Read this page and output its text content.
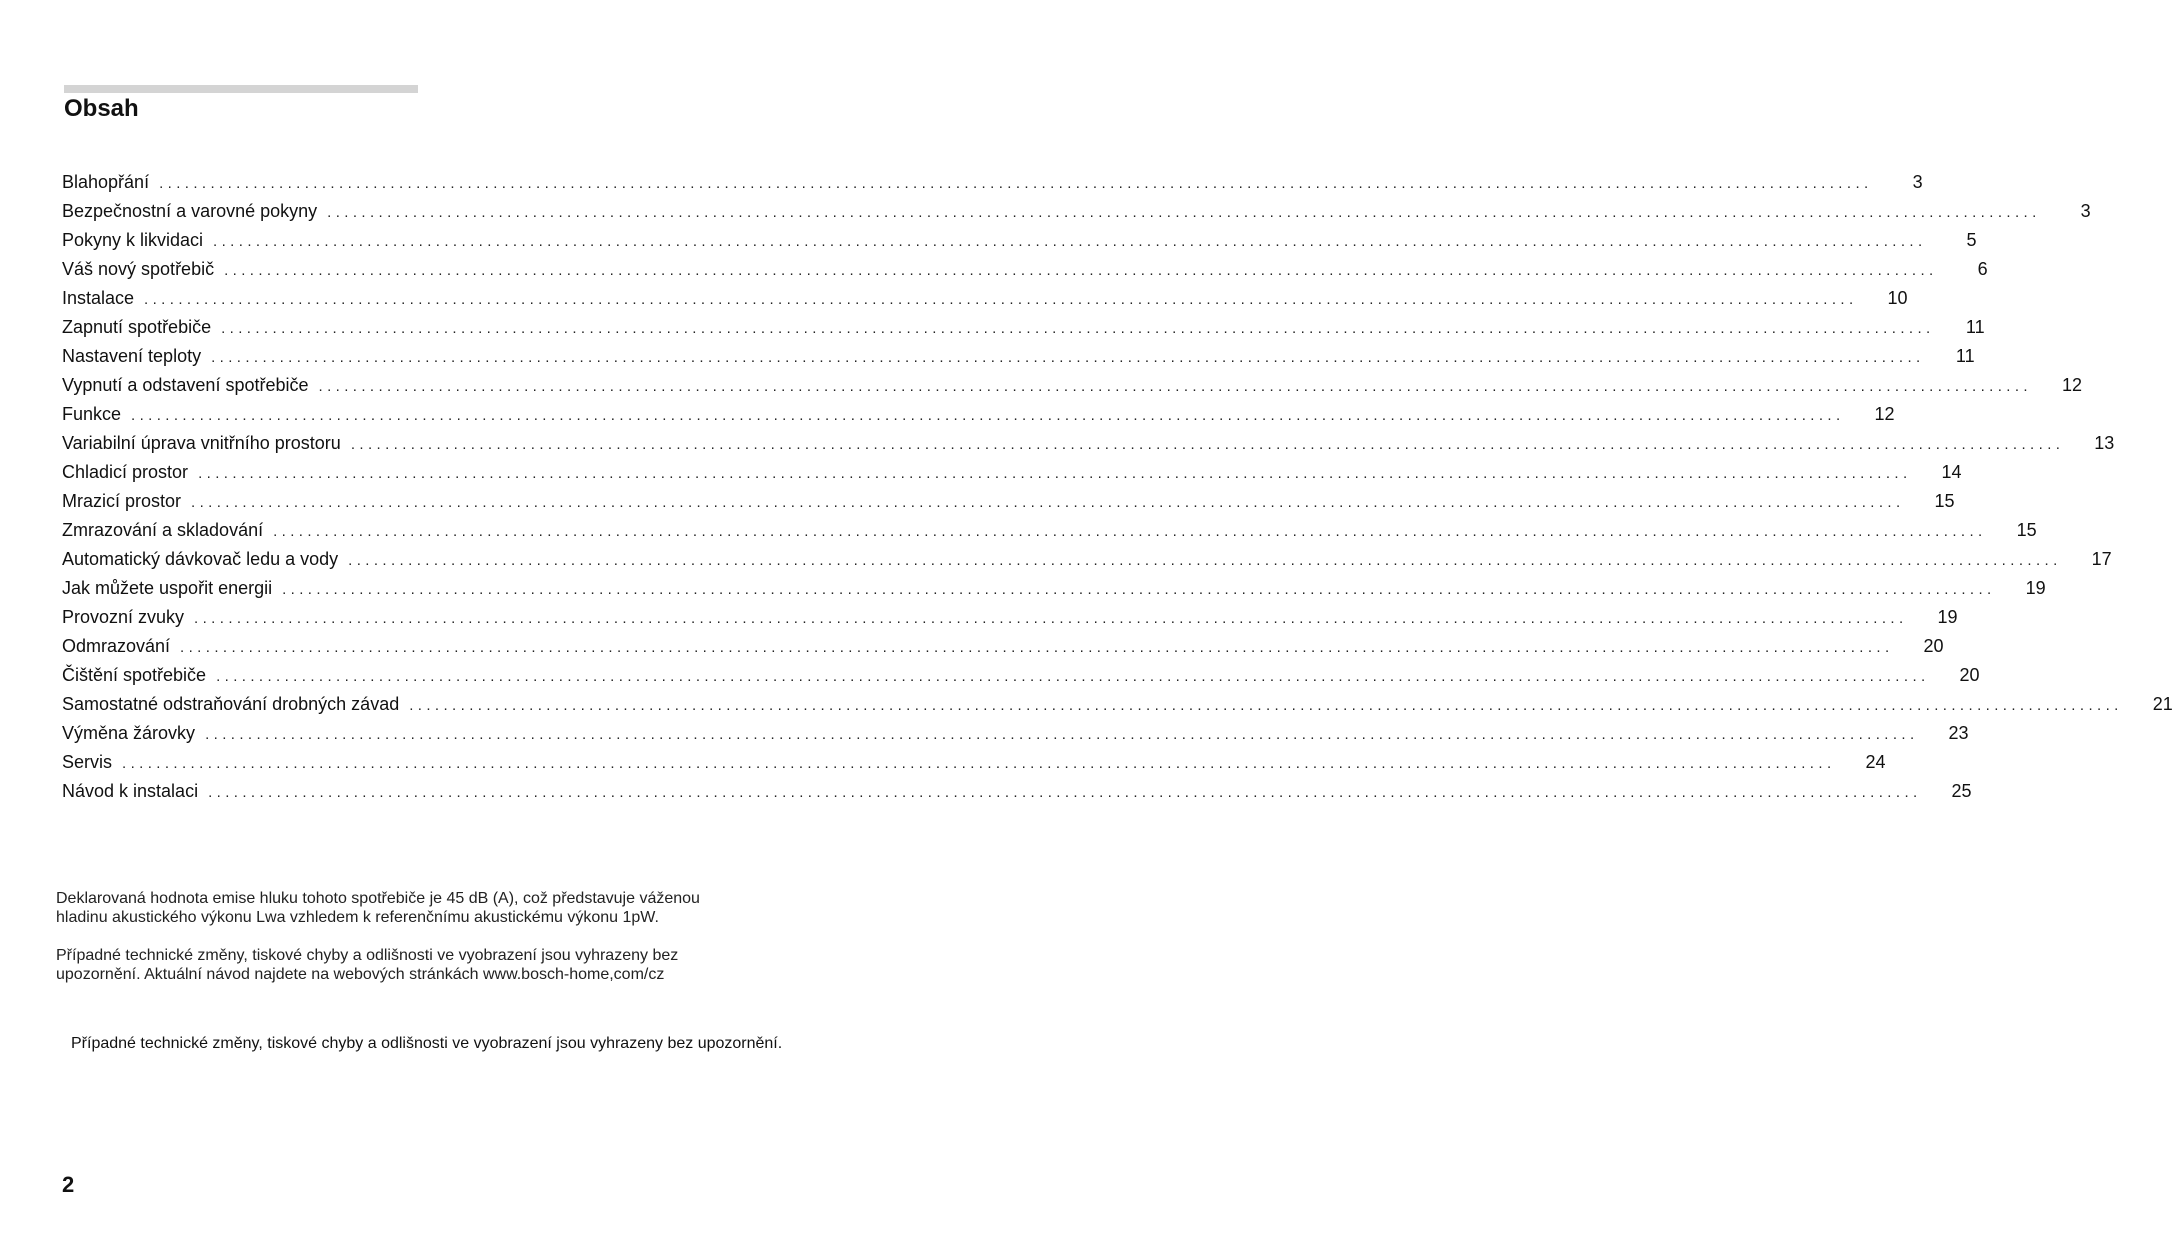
Obsah
Blahopřání ........................................................................................................................................................................................................	3
Bezpečnostní a varovné pokyny ........................................................................................................................................................................................................	3
Pokyny k likvidaci ........................................................................................................................................................................................................	5
Váš nový spotřebič ........................................................................................................................................................................................................	6
Instalace ........................................................................................................................................................................................................	10
Zapnutí spotřebiče ........................................................................................................................................................................................................	11
Nastavení teploty ........................................................................................................................................................................................................	11
Vypnutí a odstavení spotřebiče ........................................................................................................................................................................................................	12
Funkce ........................................................................................................................................................................................................	12
Variabilní úprava vnitřního prostoru ........................................................................................................................................................................................................	13
Chladicí prostor ........................................................................................................................................................................................................	14
Mrazicí prostor ........................................................................................................................................................................................................	15
Zmrazování a skladování ........................................................................................................................................................................................................	15
Automatický dávkovač ledu a vody ........................................................................................................................................................................................................	17
Jak můžete uspořit energii ........................................................................................................................................................................................................	19
Provozní zvuky ........................................................................................................................................................................................................	19
Odmrazování ........................................................................................................................................................................................................	20
Čištění spotřebiče ........................................................................................................................................................................................................	20
Samostatné odstraňování drobných závad ........................................................................................................................................................................................................	21
Výměna žárovky ........................................................................................................................................................................................................	23
Servis ........................................................................................................................................................................................................	24
Návod k instalaci ........................................................................................................................................................................................................	25

Deklarovaná hodnota emise hluku tohoto spotřebiče je 45 dB (A), což představuje váženou
hladinu akustického výkonu Lwa vzhledem k referenčnímu akustickému výkonu 1pW.

Případné technické změny, tiskové chyby a odlišnosti ve vyobrazení jsou vyhrazeny bez
upozornění. Aktuální návod najdete na webových stránkách www.bosch-home,com/cz

Případné technické změny, tiskové chyby a odlišnosti ve vyobrazení jsou vyhrazeny bez upozornění.

2
